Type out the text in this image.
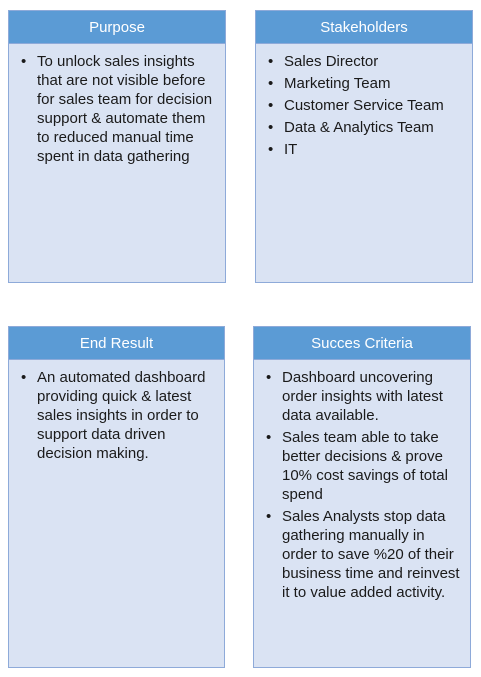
Purpose
• To unlock sales insights that are not visible before for sales team for decision support & automate them to reduced manual time spent in data gathering
Stakeholders
• Sales Director
• Marketing Team
• Customer Service Team
• Data & Analytics Team
• IT
End Result
• An automated dashboard providing quick & latest sales insights in order to support data driven decision making.
Succes Criteria
• Dashboard uncovering order insights with latest data available.
• Sales team able to take better decisions & prove 10% cost savings of total spend
• Sales Analysts stop data gathering manually in order to save %20 of their business time and reinvest it to value added activity.
